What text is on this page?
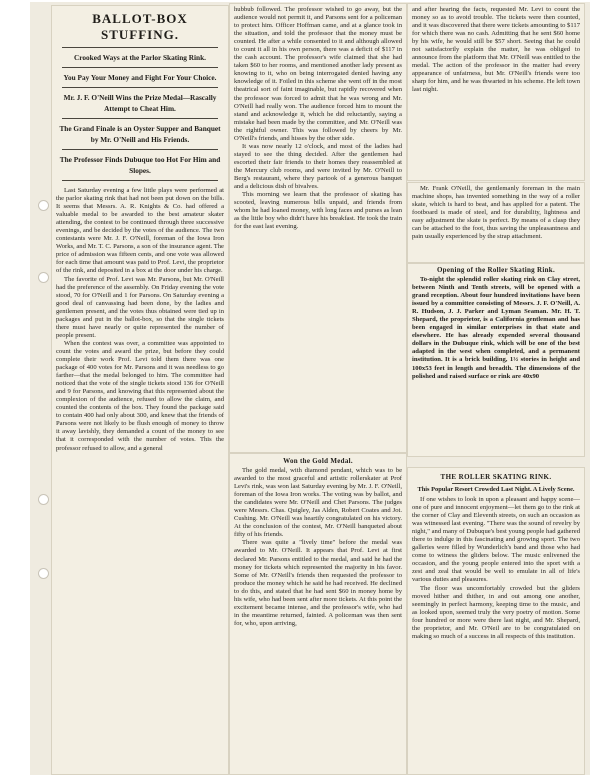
BALLOT-BOX STUFFING.

Crooked Ways at the Parlor Skating Rink.

You Pay Your Money and Fight For Your Choice.

Mr. J. F. O'Neill Wins the Prize Medal—Rascally Attempt to Cheat Him.

The Grand Finale is an Oyster Supper and Banquet by Mr. O'Neill and His Friends.

The Professor Finds Dubuque too Hot For Him and Slopes.

Last Saturday evening a few little plays were performed at the parlor skating rink that had not been put down on the bills. It seems that Messrs. A. R. Knights & Co. had offered a valuable medal to be awarded to the best amateur skater attending, the contest to be continued through three successive evenings, and be decided by the votes of the audience. The two contestants were Mr. J. F. O'Neill, foreman of the Iowa Iron Works, and Mr. T. C. Parsons, a son of the insurance agent. The price of admission was fifteen cents, and one vote was allowed for each time that amount was paid to Prof. Levi, the proprietor of the rink, and deposited in a box at the door under his charge.

The favorite of Prof. Levi was Mr. Parsons, but Mr. O'Neill had the preference of the assembly. On Friday evening the vote stood, 70 for O'Neill and 1 for Parsons. On Saturday evening a good deal of canvassing had been done, by the ladies and gentlemen present, and the votes thus obtained were tied up in packages and put in the ballot-box, so that the single tickets there must have nearly or quite represented the number of people present.

When the contest was over, a committee was appointed to count the votes and award the prize, but before they could complete their work Prof. Levi told them there was one package of 400 votes for Mr. Parsons and it was needless to go farther—that the medal belonged to him. The committee had noticed that the vote of the single tickets stood 136 for O'Neill and 9 for Parsons, and knowing that this represented about the complexion of the audience, refused to allow the claim, and counted the contents of the box. They found the package said to contain 400 had only about 300, and knew that the friends of Parsons were not likely to be flush enough of money to throw it away lavishly, they demanded a count of the money to see that it corresponded with the number of votes. This the professor refused to allow, and a general

hubbub followed. The professor wished to go away, but the audience would not permit it, and Parsons sent for a policeman to protect him. Officer Hoffman came, and at a glance took in the situation, and told the professor that the money must be counted. He after a while consented to it and although allowed to count it all in his own person, there was a deficit of $117 in the cash account. The professor's wife claimed that she had taken $60 to her rooms, and mentioned another lady present as knowing to it, who on being interrogated denied having any knowledge of it. Foiled in this scheme she went off in the most theatrical sort of faint imaginable, but rapidly recovered when the professor was forced to admit that he was wrong and Mr. O'Neill had really won. The audience forced him to mount the stand and acknowledge it, which he did reluctantly, saying a mistake had been made by the committee, and Mr. O'Neill was the rightful owner. This was followed by cheers by Mr. O'Neill's friends, and hisses by the other side.

It was now nearly 12 o'clock, and most of the ladies had stayed to see the thing decided. After the gentlemen had escorted their fair friends to their homes they reassembled at the Mercury club rooms, and were invited by Mr. O'Neill to Berg's restaurant, where they partook of a generous banquet and a delicious dish of bivalves.

This morning we learn that the professor of skating has scooted, leaving numerous bills unpaid, and friends from whom he had loaned money, with long faces and purses as lean as the little boy who didn't have his breakfast. He took the train for the east last evening.

Won the Gold Medal.

The gold medal, with diamond pendant, which was to be awarded to the most graceful and artistic rollerskater at Prof Levi's rink, was won last Saturday evening by Mr. J. F. O'Neill, foreman of the Iowa Iron works. The voting was by ballot, and the candidates were Mr. O'Neill and Chet Parsons. The judges were Messrs. Chas. Quigley, Jas Alden, Robert Coates and Jot. Cushing. Mr. O'Neill was heartily congratulated on his victory. At the conclusion of the contest, Mr. O'Neill banqueted about fifty of his friends.

There was quite a "lively time" before the medal was awarded to Mr. O'Neill. It appears that Prof. Levi at first declared Mr. Parsons entitled to the medal, and said he had the money for tickets which represented the majority in his favor. Some of Mr. O'Neill's friends then requested the professor to produce the money which he said he had received. He declined to do this, and stated that he had sent $60 in money home by his wife, who had been sent after more tickets. At this point the excitement became intense, and the professor's wife, who had in the meantime returned, fainted. A policeman was then sent for, who, upon arriving,

and after hearing the facts, requested Mr. Levi to count the money so as to avoid trouble. The tickets were then counted, and it was discovered that there were tickets amounting to $117 for which there was no cash. Admitting that he sent $60 home by his wife, he would still be $57 short. Seeing that he could not satisfactorily explain the matter, he was obliged to announce from the platform that Mr. O'Neill was entitled to the medal. The action of the professor in the matter had every appearance of unfairness, but Mr. O'Neill's friends were too sharp for him, and he was thwarted in his scheme. He left town last night.

Mr. Frank O'Neill, the gentlemanly foreman in the main machine shops, has invented something in the way of a roller skate, which is hard to beat, and has applied for a patent. The footboard is made of steel, and for durability, lightness and easy adjustment the skate is perfect. By means of a clasp they can be attached to the foot, thus saving the unpleasantness and pain usually experienced by the strap attachment.

Opening of the Roller Skating Rink.

To-night the splendid roller skating rink on Clay street, between Ninth and Tenth streets, will be opened with a grand reception. About four hundred invitations have been issued by a committee consisting of Messrs. J. F. O'Neill, A. R. Hudson, J. J. Parker and Lyman Seaman. Mr. H. T. Shepard, the proprietor, is a California gentleman and has been engaged in similar enterprises in that state and elsewhere. He has already expended several thousand dollars in the Dubuque rink, which will be one of the best adapted in the west when completed, and a permanent institution. It is a brick building, 1½ stories in height and 100x53 feet in length and breadth. The dimensions of the polished and raised surface or rink are 40x90

THE ROLLER SKATING RINK.

This Popular Resort Crowded Last Night. A Lively Scene.

If one wishes to look in upon a pleasant and happy scene—one of pure and innocent enjoyment—let them go to the rink at the corner of Clay and Eleventh streets, on such an occasion as was witnessed last evening. "There was the sound of revelry by night," and many of Dubuque's best young people had gathered there to indulge in this fascinating and growing sport. The two galleries were filled by Wunderlich's band and those who had come to witness the gliders below. The music enlivened the occasion, and the young people entered into the sport with a zest and zeal that would be well to emulate in all of life's various duties and pleasures.

The floor was uncomfortably crowded but the gliders moved hither and thither, in and out among one another, seemingly in perfect harmony, keeping time to the music, and as looked upon, seemed truly the very poetry of motion. Some four hundred or more were there last night, and Mr. Shepard, the proprietor, and Mr. O'Neil are to be congratulated on making so much of a success in all respects of this institution.
